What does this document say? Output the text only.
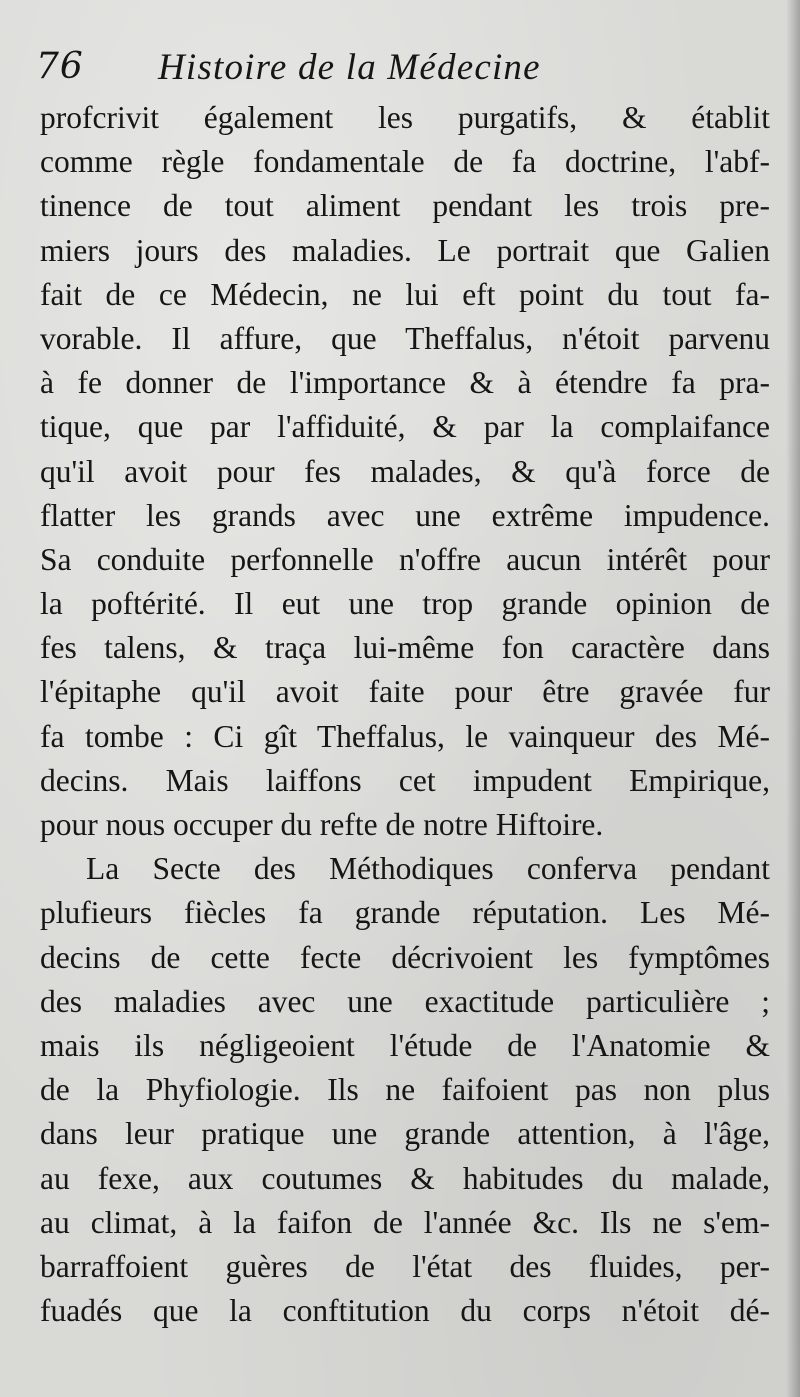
76 Histoire de la Médecine
profcrivit également les purgatifs, & établit
comme règle fondamentale de fa doctrine, l'abf-
tinence de tout aliment pendant les trois pre-
miers jours des maladies. Le portrait que Galien
fait de ce Médecin, ne lui eft point du tout fa-
vorable. Il affure, que Theffalus, n'étoit parvenu
à fe donner de l'importance & à étendre fa pra-
tique, que par l'affiduité, & par la complaifance
qu'il avoit pour fes malades, & qu'à force de
flatter les grands avec une extrême impudence.
Sa conduite perfonnelle n'offre aucun intérêt pour
la poftérité. Il eut une trop grande opinion de
fes talens, & traça lui-même fon caractère dans
l'épitaphe qu'il avoit faite pour être gravée fur
fa tombe : Ci gît Theffalus, le vainqueur des Mé-
decins. Mais laiffons cet impudent Empirique,
pour nous occuper du refte de notre Hiftoire.
La Secte des Méthodiques conferva pendant
plufieurs fiècles fa grande réputation. Les Mé-
decins de cette fecte décrivoient les fymptômes
des maladies avec une exactitude particulière ;
mais ils négligeoient l'étude de l'Anatomie &
de la Phyfiologie. Ils ne faifoient pas non plus
dans leur pratique une grande attention, à l'âge,
au fexe, aux coutumes & habitudes du malade,
au climat, à la faifon de l'année &c. Ils ne s'em-
barraffoient guères de l'état des fluides, per-
fuadés que la conftitution du corps n'étoit dé-
